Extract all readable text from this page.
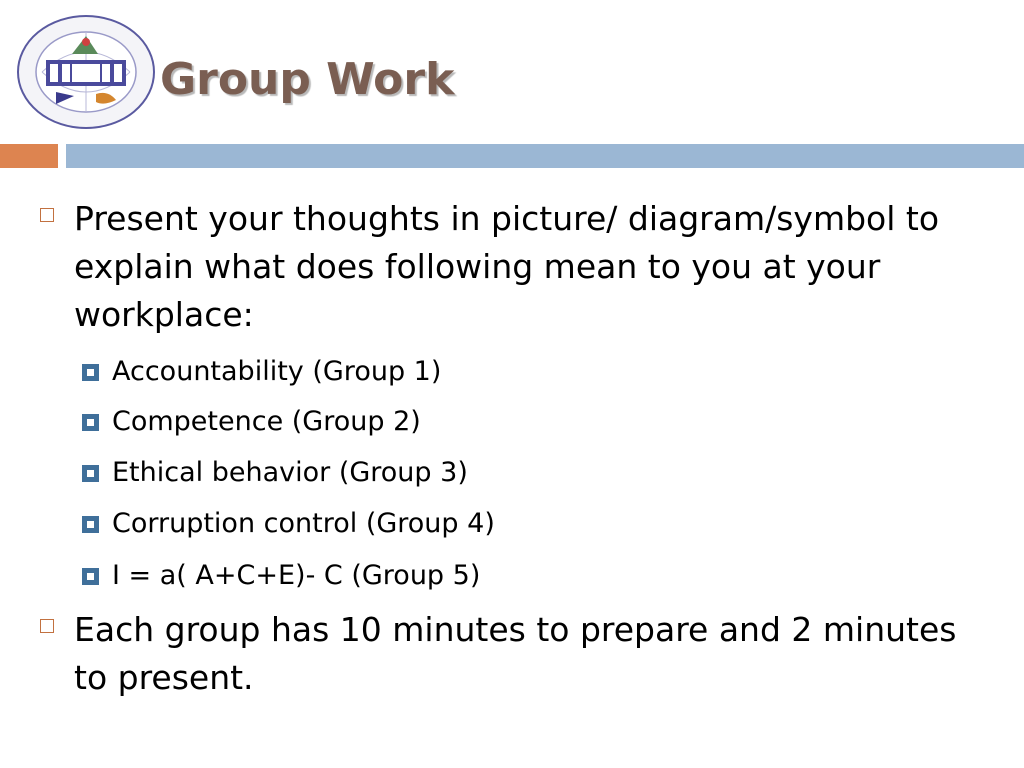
Group Work
Present your thoughts in picture/ diagram/symbol to explain what does following mean to you at your workplace:
Accountability (Group 1)
Competence (Group 2)
Ethical behavior (Group 3)
Corruption control (Group 4)
I = a( A+C+E)- C (Group 5)
Each group has 10 minutes to prepare and 2 minutes to present.
